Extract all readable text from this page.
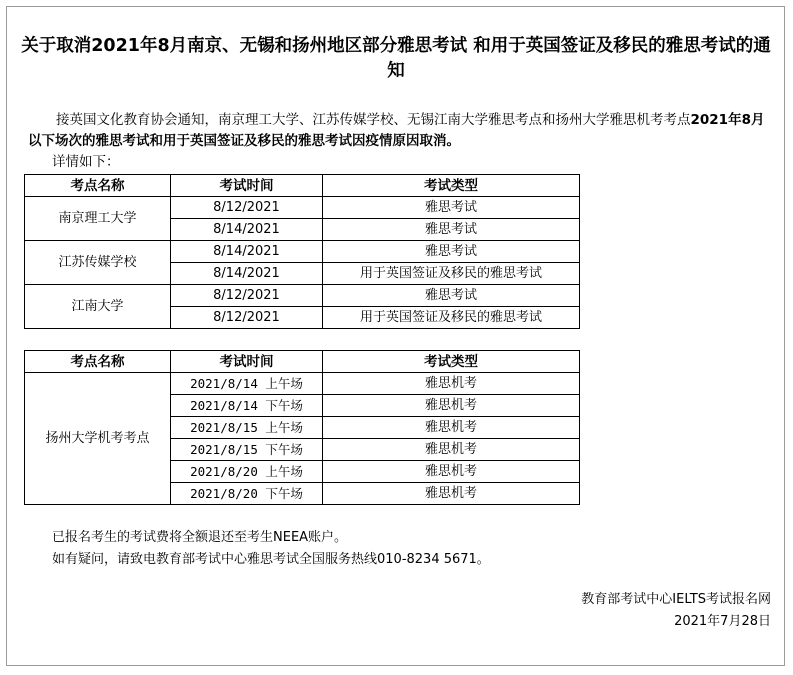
关于取消2021年8月南京、无锡和扬州地区部分雅思考试 和用于英国签证及移民的雅思考试的通知
接英国文化教育协会通知，南京理工大学、江苏传媒学校、无锡江南大学雅思考点和扬州大学雅思机考考点2021年8月以下场次的雅思考试和用于英国签证及移民的雅思考试因疫情原因取消。
详情如下：
考点名称	考试时间	考试类型
南京理工大学	8/12/2021	雅思考试
	8/14/2021	雅思考试
江苏传媒学校	8/14/2021	雅思考试
	8/14/2021	用于英国签证及移民的雅思考试
江南大学	8/12/2021	雅思考试
	8/12/2021	用于英国签证及移民的雅思考试
考点名称	考试时间	考试类型
扬州大学机考考点	2021/8/14 上午场	雅思机考
	2021/8/14 下午场	雅思机考
	2021/8/15 上午场	雅思机考
	2021/8/15 下午场	雅思机考
	2021/8/20 上午场	雅思机考
	2021/8/20 下午场	雅思机考
已报名考生的考试费将全额退还至考生NEEA账户。
如有疑问，请致电教育部考试中心雅思考试全国服务热线010-8234 5671。
教育部考试中心IELTS考试报名网
2021年7月28日
